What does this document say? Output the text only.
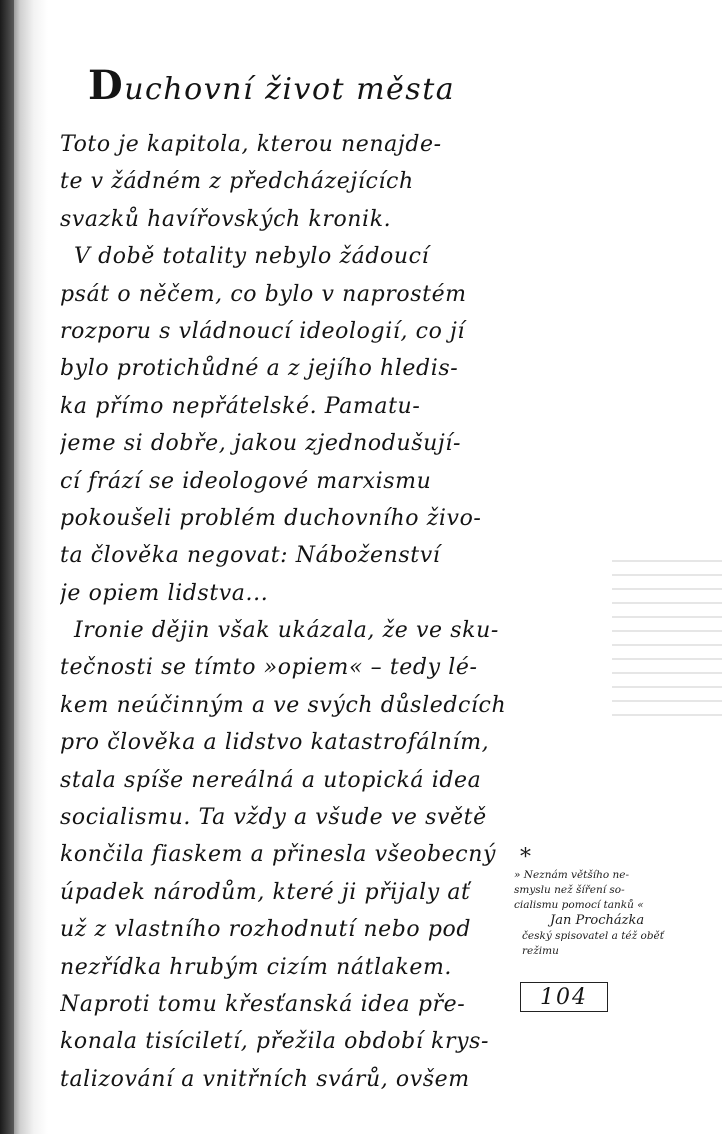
Duchovní život města
Toto je kapitola, kterou nenajde-
te v žádném z předcházejících
svazků havířovských kronik.
V době totality nebylo žádoucí
psát o něčem, co bylo v naprostém
rozporu s vládnoucí ideologií, co jí
bylo protichůdné a z jejího hledis-
ka přímo nepřátelské. Pamatu-
jeme si dobře, jakou zjednodušují-
cí frází se ideologové marxismu
pokoušeli problém duchovního živo-
ta člověka negovat: Náboženství
je opiem lidstva...
Ironie dějin však ukázala, že ve sku-
tečnosti se tímto »opiem« – tedy lé-
kem neúčinným a ve svých důsledcích
pro člověka a lidstvo katastrofálním,
stala spíše nereálná a utopická idea
socialismu. Ta vždy a všude ve světě
končila fiaskem a přinesla všeobecný
úpadek národům, které ji přijaly ať
už z vlastního rozhodnutí nebo pod
nezřídka hrubým cizím nátlakem.
Naproti tomu křesťanská idea pře-
konala tisíciletí, přežila období krys-
talizování a vnitřních svárů, ovšem
*
» Neznám většího ne-
smyslu než šíření so-
cialismu pomocí tanků «
Jan Procházka
český spisovatel a též oběť
režimu
104
